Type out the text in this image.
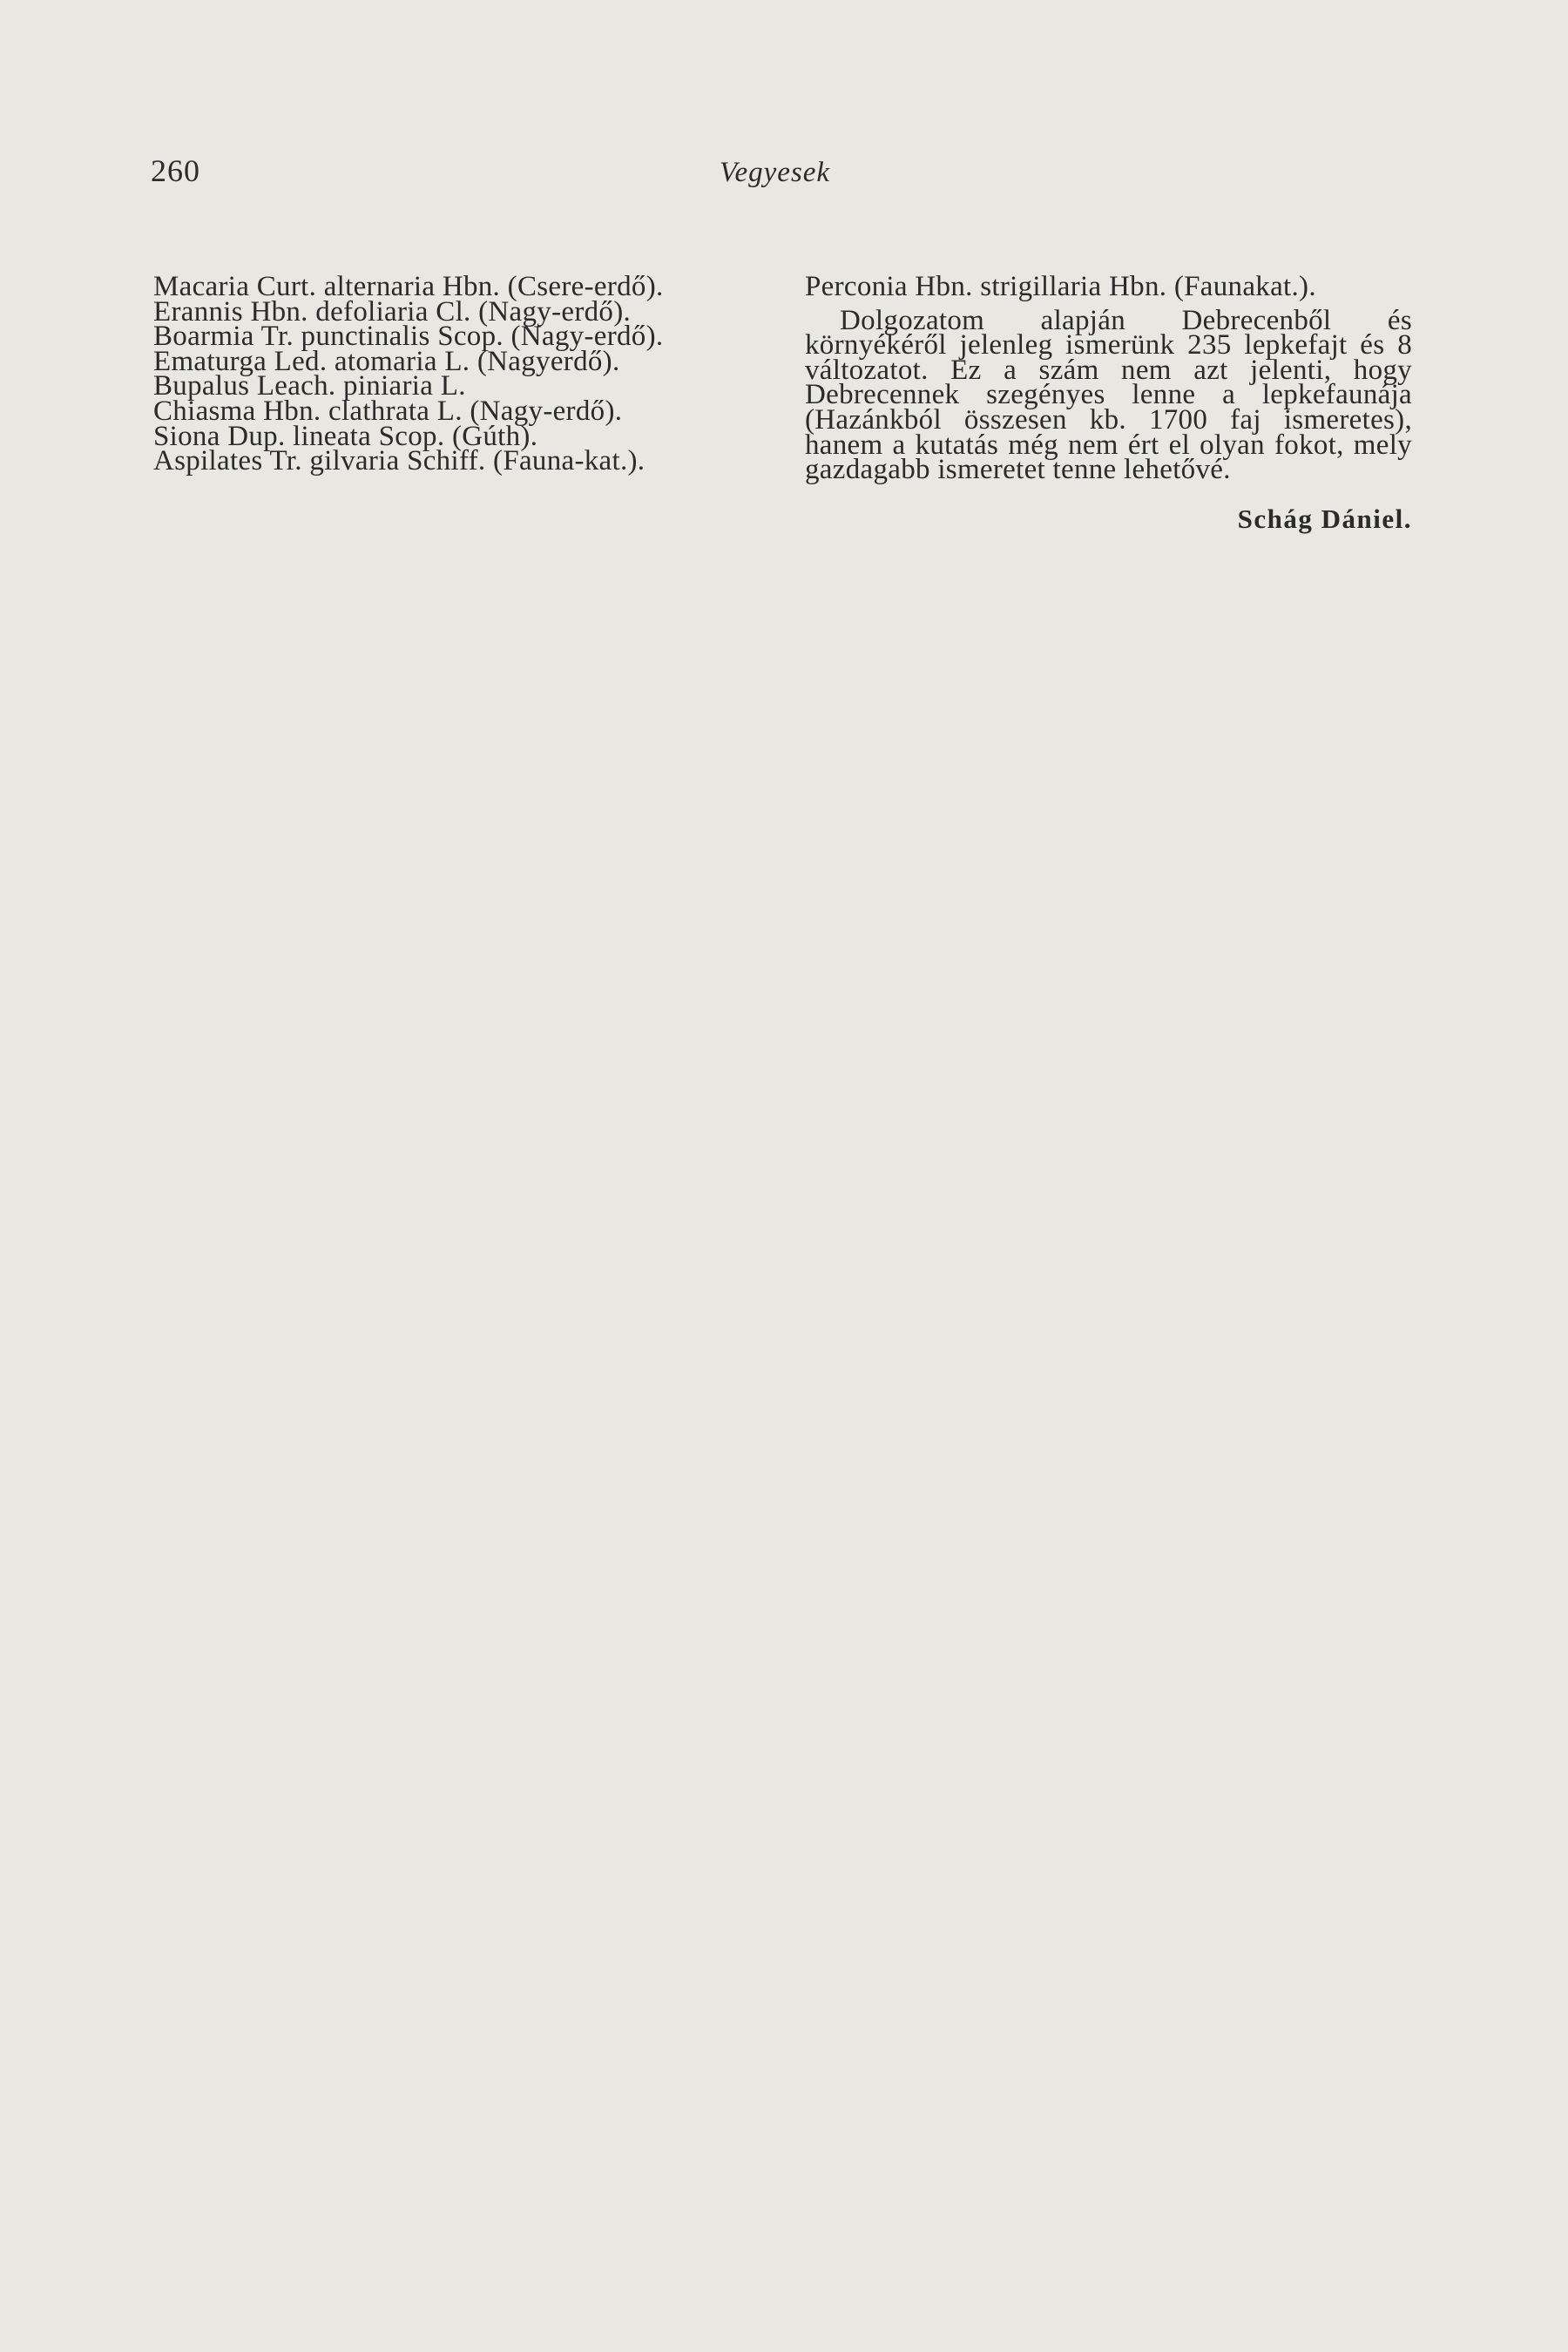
260	Vegyesek

Macaria Curt. alternaria Hbn. (Csere-erdő).

Erannis Hbn. defoliaria Cl. (Nagy-erdő).

Boarmia Tr. punctinalis Scop. (Nagy-erdő).

Ematurga Led. atomaria L. (Nagyerdő).

Bupalus Leach. piniaria L.

Chiasma Hbn. clathrata L. (Nagy-erdő).

Siona Dup. lineata Scop. (Gúth).

Aspilates Tr. gilvaria Schiff. (Fauna-kat.).

Perconia Hbn. strigillaria Hbn. (Faunakat.).

Dolgozatom alapján Debrecenből és környékéről jelenleg ismerünk 235 lepkefajt és 8 változatot. Ez a szám nem azt jelenti, hogy Debrecennek szegényes lenne a lepkefaunája (Hazánkból összesen kb. 1700 faj ismeretes), hanem a kutatás még nem ért el olyan fokot, mely gazdagabb ismeretet tenne lehetővé.

Schág Dániel.
